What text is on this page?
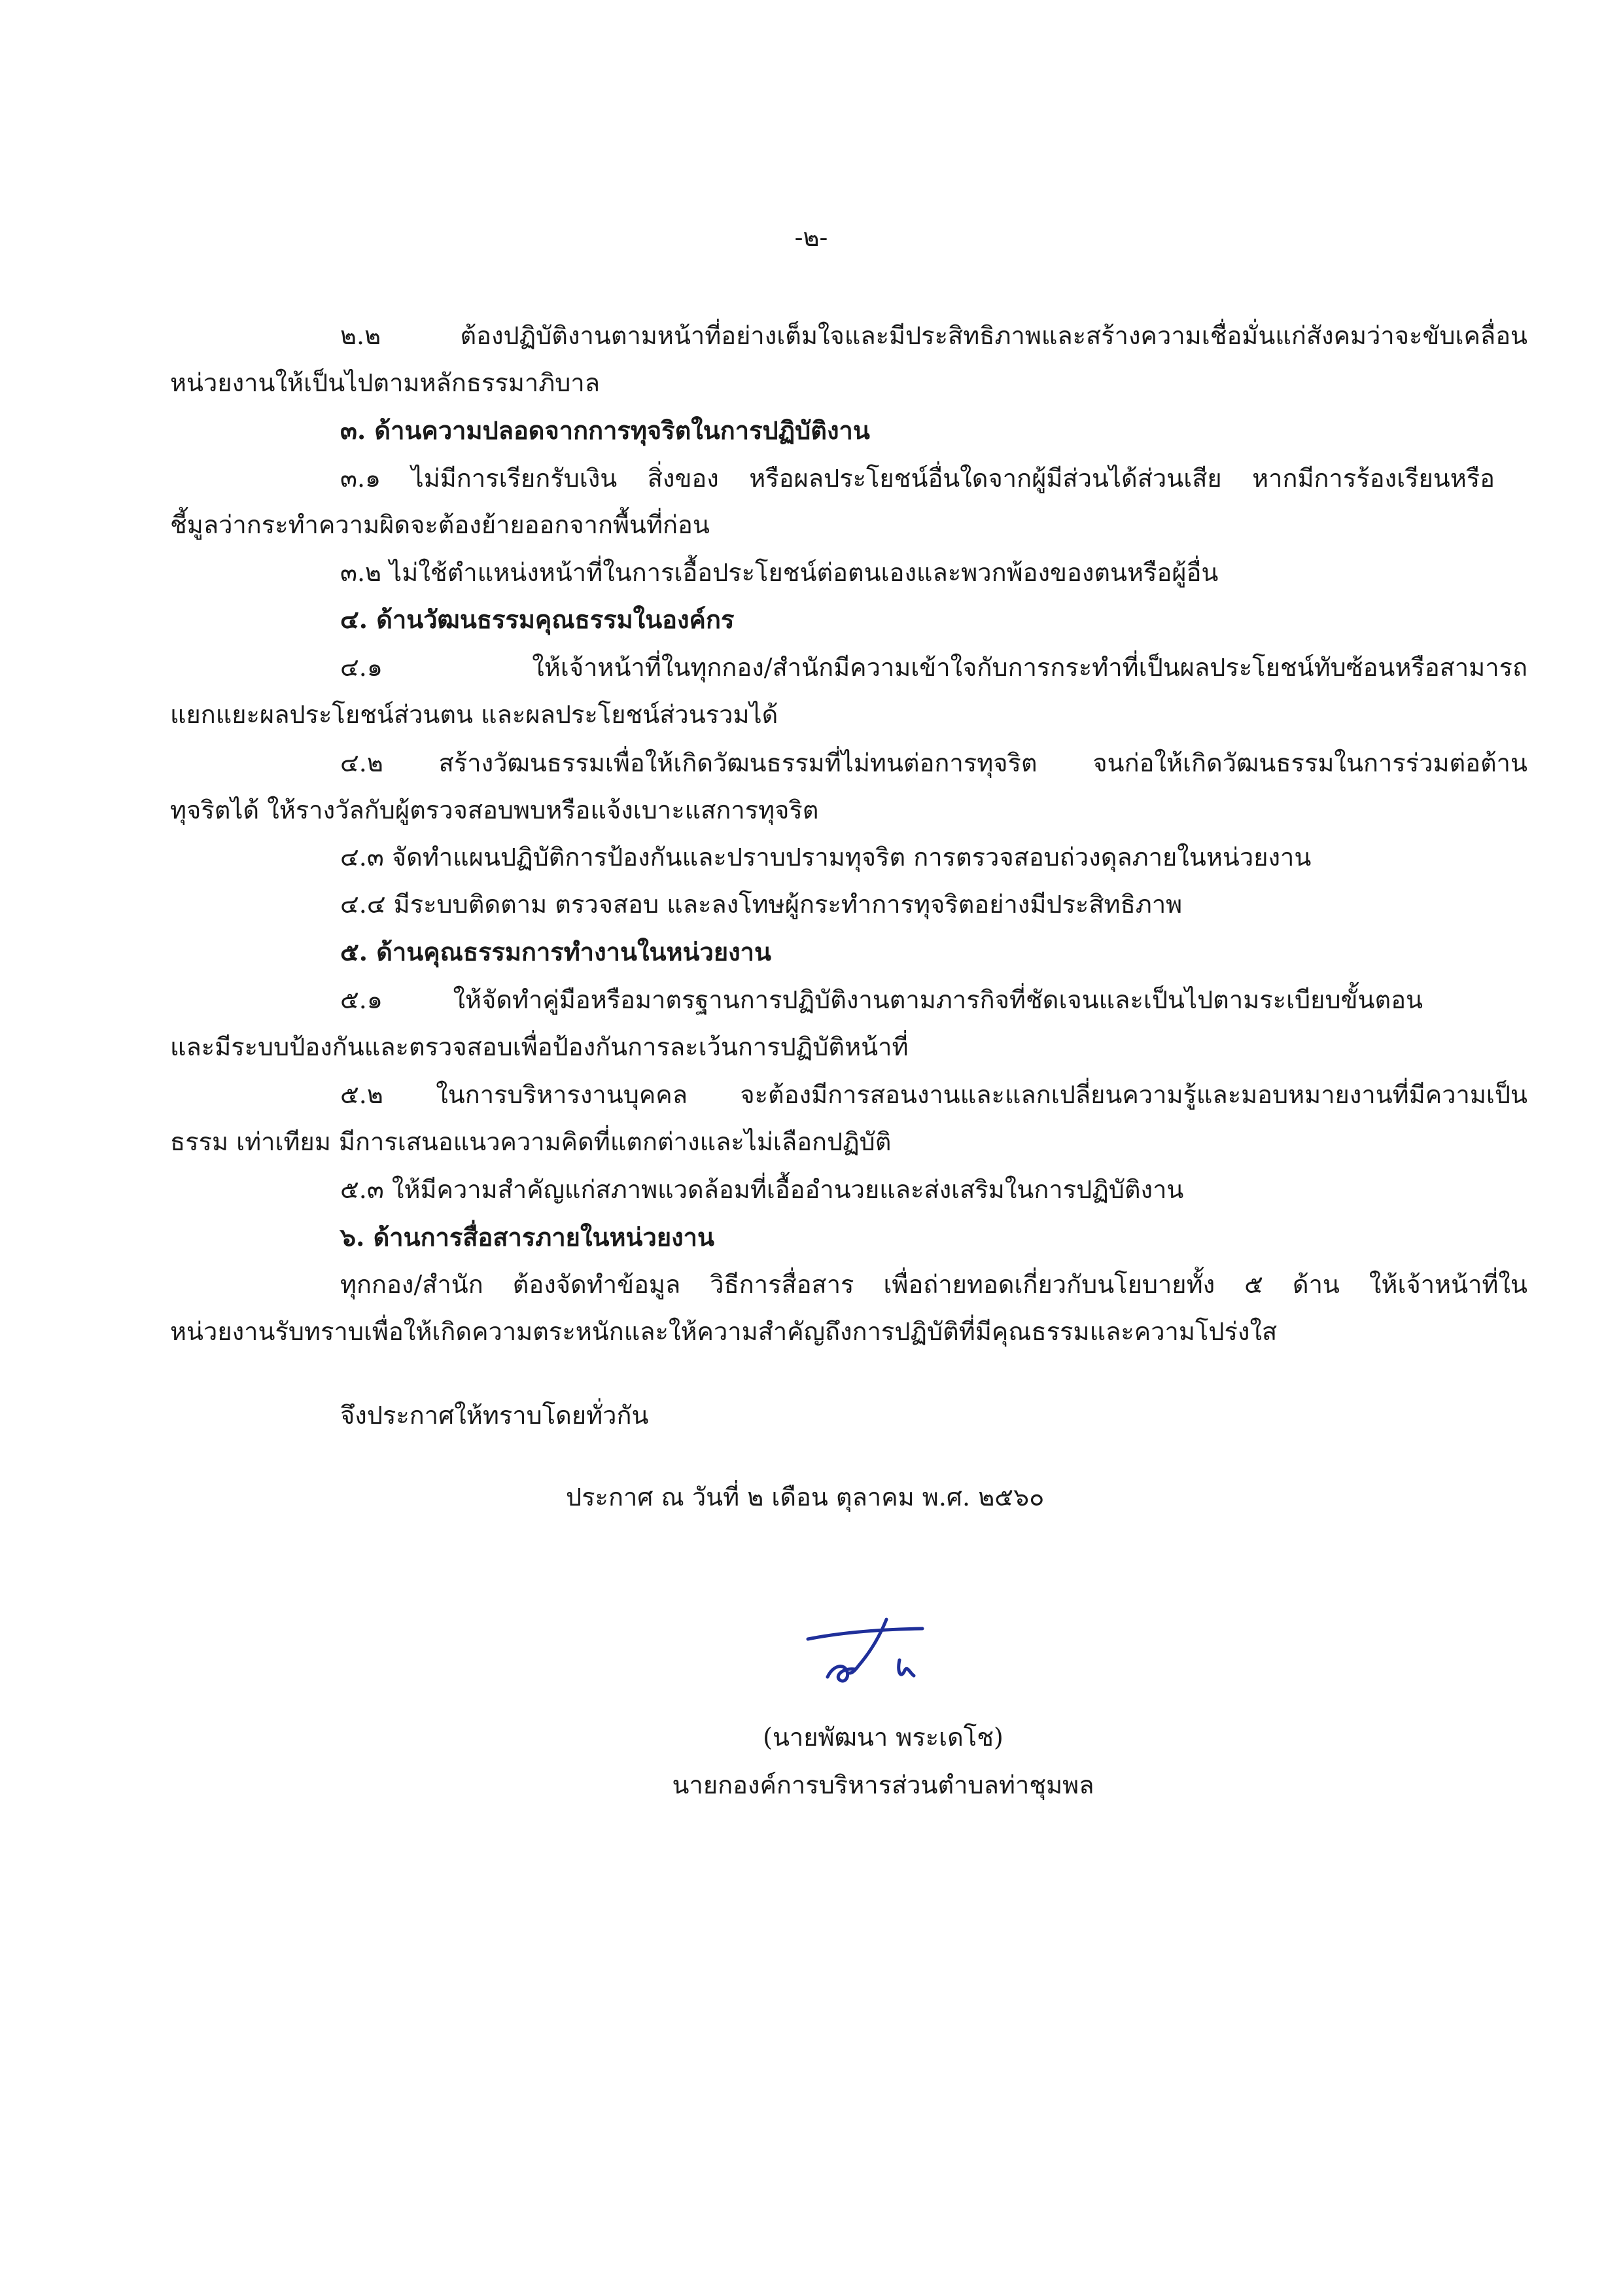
-๒-
๒.๒ ต้องปฏิบัติงานตามหน้าที่อย่างเต็มใจและมีประสิทธิภาพและสร้างความเชื่อมั่นแก่สังคมว่าจะขับเคลื่อน
หน่วยงานให้เป็นไปตามหลักธรรมาภิบาล
๓. ด้านความปลอดจากการทุจริตในการปฏิบัติงาน
๓.๑ ไม่มีการเรียกรับเงิน สิ่งของ หรือผลประโยชน์อื่นใดจากผู้มีส่วนได้ส่วนเสีย หากมีการร้องเรียนหรือ
ชี้มูลว่ากระทำความผิดจะต้องย้ายออกจากพื้นที่ก่อน
๓.๒ ไม่ใช้ตำแหน่งหน้าที่ในการเอื้อประโยชน์ต่อตนเองและพวกพ้องของตนหรือผู้อื่น
๔. ด้านวัฒนธรรมคุณธรรมในองค์กร
๔.๑ ให้เจ้าหน้าที่ในทุกกอง/สำนักมีความเข้าใจกับการกระทำที่เป็นผลประโยชน์ทับซ้อนหรือสามารถ
แยกแยะผลประโยชน์ส่วนตน และผลประโยชน์ส่วนรวมได้
๔.๒ สร้างวัฒนธรรมเพื่อให้เกิดวัฒนธรรมที่ไม่ทนต่อการทุจริต จนก่อให้เกิดวัฒนธรรมในการร่วมต่อต้าน
ทุจริตได้ ให้รางวัลกับผู้ตรวจสอบพบหรือแจ้งเบาะแสการทุจริต
๔.๓ จัดทำแผนปฏิบัติการป้องกันและปราบปรามทุจริต การตรวจสอบถ่วงดุลภายในหน่วยงาน
๔.๔ มีระบบติดตาม ตรวจสอบ และลงโทษผู้กระทำการทุจริตอย่างมีประสิทธิภาพ
๕. ด้านคุณธรรมการทำงานในหน่วยงาน
๕.๑ ให้จัดทำคู่มือหรือมาตรฐานการปฏิบัติงานตามภารกิจที่ชัดเจนและเป็นไปตามระเบียบขั้นตอน
และมีระบบป้องกันและตรวจสอบเพื่อป้องกันการละเว้นการปฏิบัติหน้าที่
๕.๒ ในการบริหารงานบุคคล จะต้องมีการสอนงานและแลกเปลี่ยนความรู้และมอบหมายงานที่มีความเป็น
ธรรม เท่าเทียม มีการเสนอแนวความคิดที่แตกต่างและไม่เลือกปฏิบัติ
๕.๓ ให้มีความสำคัญแก่สภาพแวดล้อมที่เอื้ออำนวยและส่งเสริมในการปฏิบัติงาน
๖. ด้านการสื่อสารภายในหน่วยงาน
ทุกกอง/สำนัก ต้องจัดทำข้อมูล วิธีการสื่อสาร เพื่อถ่ายทอดเกี่ยวกับนโยบายทั้ง ๕ ด้าน ให้เจ้าหน้าที่ใน
หน่วยงานรับทราบเพื่อให้เกิดความตระหนักและให้ความสำคัญถึงการปฏิบัติที่มีคุณธรรมและความโปร่งใส
จึงประกาศให้ทราบโดยทั่วกัน
ประกาศ ณ วันที่ ๒ เดือน ตุลาคม พ.ศ. ๒๕๖๐
(นายพัฒนา พระเดโช)
นายกองค์การบริหารส่วนตำบลท่าชุมพล
